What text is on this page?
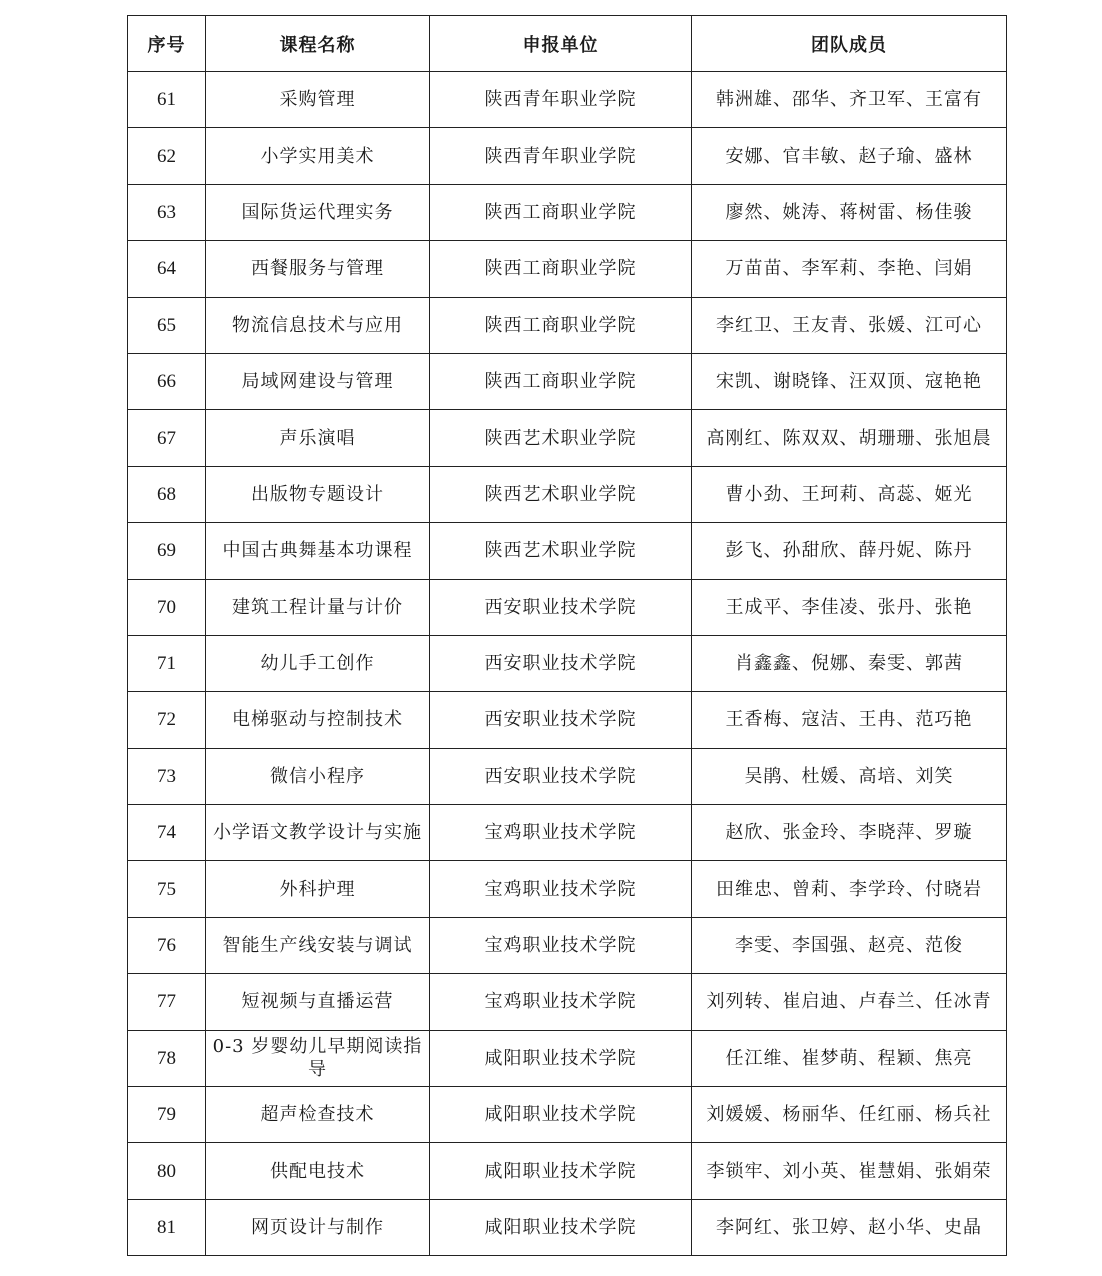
序号	课程名称	申报单位	团队成员
61	采购管理	陕西青年职业学院	韩洲雄、邵华、齐卫军、王富有
62	小学实用美术	陕西青年职业学院	安娜、官丰敏、赵子瑜、盛林
63	国际货运代理实务	陕西工商职业学院	廖然、姚涛、蒋树雷、杨佳骏
64	西餐服务与管理	陕西工商职业学院	万苗苗、李军莉、李艳、闫娟
65	物流信息技术与应用	陕西工商职业学院	李红卫、王友青、张媛、江可心
66	局域网建设与管理	陕西工商职业学院	宋凯、谢晓锋、汪双顶、寇艳艳
67	声乐演唱	陕西艺术职业学院	高刚红、陈双双、胡珊珊、张旭晨
68	出版物专题设计	陕西艺术职业学院	曹小劲、王珂莉、高蕊、姬光
69	中国古典舞基本功课程	陕西艺术职业学院	彭飞、孙甜欣、薛丹妮、陈丹
70	建筑工程计量与计价	西安职业技术学院	王成平、李佳凌、张丹、张艳
71	幼儿手工创作	西安职业技术学院	肖鑫鑫、倪娜、秦雯、郭茜
72	电梯驱动与控制技术	西安职业技术学院	王香梅、寇洁、王冉、范巧艳
73	微信小程序	西安职业技术学院	吴鹃、杜媛、高培、刘笑
74	小学语文教学设计与实施	宝鸡职业技术学院	赵欣、张金玲、李晓萍、罗璇
75	外科护理	宝鸡职业技术学院	田维忠、曾莉、李学玲、付晓岩
76	智能生产线安装与调试	宝鸡职业技术学院	李雯、李国强、赵亮、范俊
77	短视频与直播运营	宝鸡职业技术学院	刘列转、崔启迪、卢春兰、任冰青
78	0-3 岁婴幼儿早期阅读指导	咸阳职业技术学院	任江维、崔梦萌、程颖、焦亮
79	超声检查技术	咸阳职业技术学院	刘媛媛、杨丽华、任红丽、杨兵社
80	供配电技术	咸阳职业技术学院	李锁牢、刘小英、崔慧娟、张娟荣
81	网页设计与制作	咸阳职业技术学院	李阿红、张卫婷、赵小华、史晶
